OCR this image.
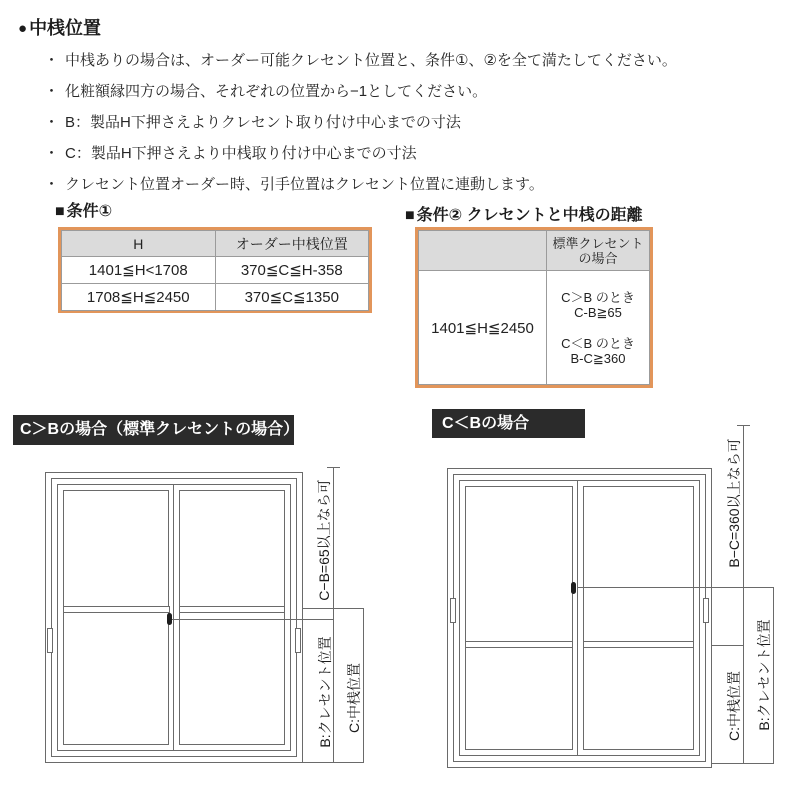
● 中桟位置
・ 中桟ありの場合は、オーダー可能クレセント位置と、条件①、②を全て満たしてください。
・ 化粧額縁四方の場合、それぞれの位置から−1としてください。
・ B：製品H下押さえよりクレセント取り付け中心までの寸法
・ C：製品H下押さえより中桟取り付け中心までの寸法
・ クレセント位置オーダー時、引手位置はクレセント位置に連動します。
■ 条件①
H	オーダー中桟位置
1401≦H<1708	370≦C≦H-358
1708≦H≦2450	370≦C≦1350
■ 条件② クレセントと中桟の距離

	標準クレセント
の場合

1401≦H≦2450	C＞B のとき
C-B≧65
C＜B のとき
B-C≧360
C＞Bの場合（標準クレセントの場合）	C＜Bの場合
C−B=65以上なら可
B:クレセント位置 C:中桟位置
B−C=360以上なら可
C:中桟位置 B:クレセント位置
